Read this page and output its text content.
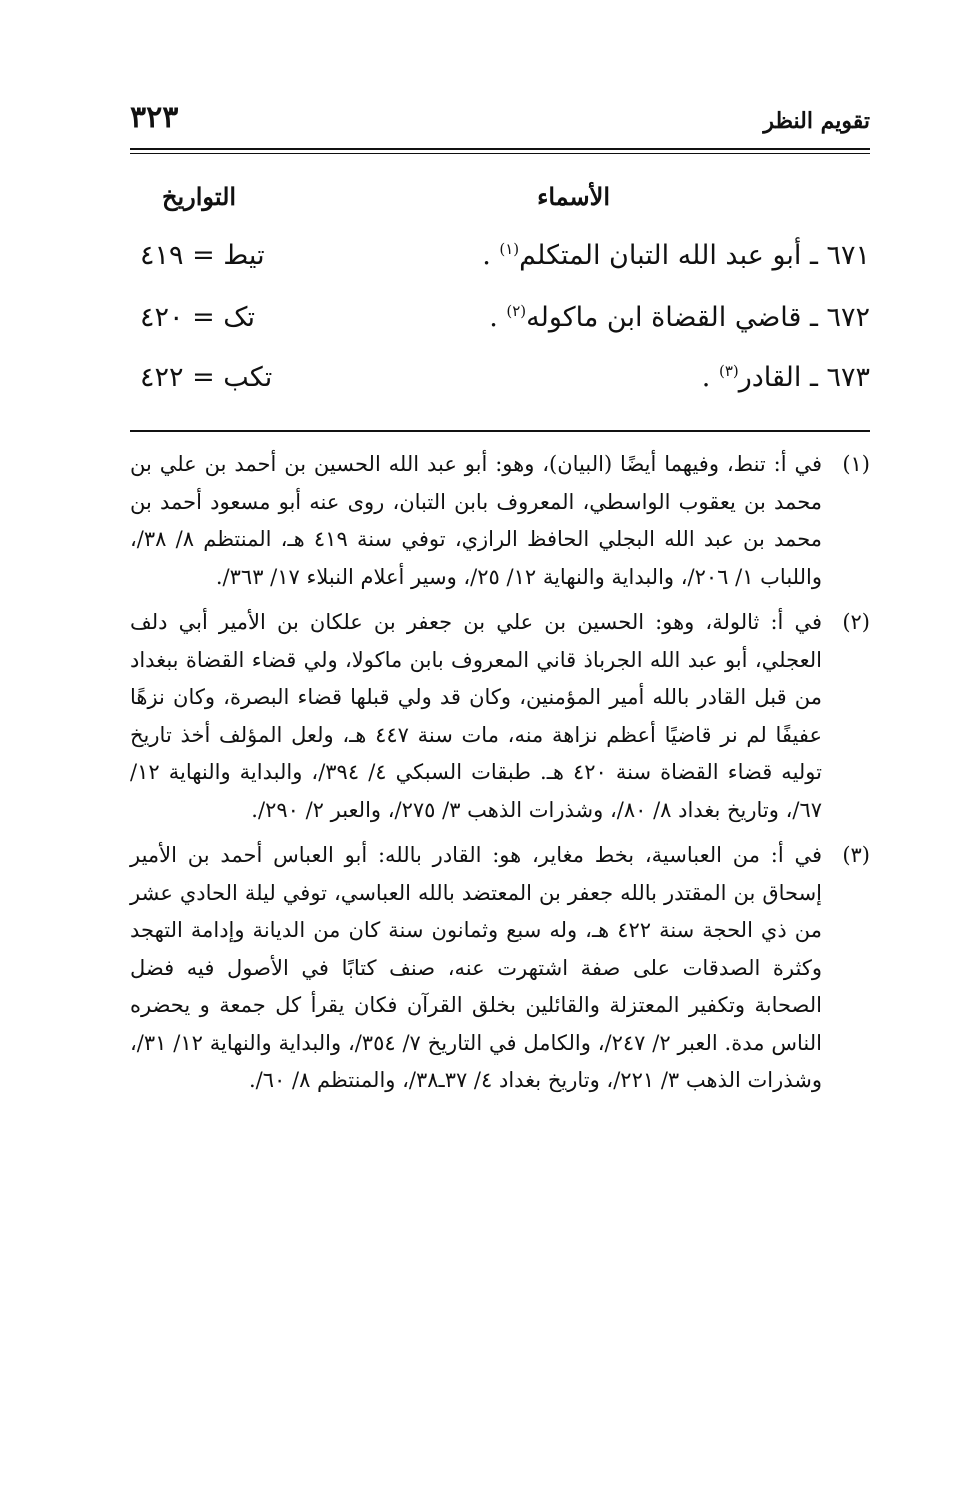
تقويم النظر
٣٢٣
الأسماء
التواريخ
٦٧١ ـ أبو عبد الله التبان المتكلم$^{(١)}$ .
تيط = ٤١٩
٦٧٢ ـ قاضي القضاة ابن ماكوله$^{(٢)}$ .
تک = ٤٢٠
٦٧٣ ـ القادر$^{(٣)}$ .
تکب = ٤٢٢
(١)
في أ: تنط، وفيهما أيضًا (البيان)، وهو: أبو عبد الله الحسين بن أحمد بن علي بن محمد بن يعقوب الواسطي، المعروف بابن التبان، روى عنه أبو مسعود أحمد بن محمد بن عبد الله البجلي الحافظ الرازي، توفي سنة ٤١٩ هـ، المنتظم ٨/ ٣٨/، واللباب ١/ ٢٠٦/، والبداية والنهاية ١٢/ ٢٥/، وسير أعلام النبلاء ١٧/ ٣٦٣/.
(٢)
في أ: ثالولة، وهو: الحسين بن علي بن جعفر بن علكان بن الأمير أبي دلف العجلي، أبو عبد الله الجرباذ قاني المعروف بابن ماكولا، ولي قضاء القضاة ببغداد من قبل القادر بالله أمير المؤمنين، وكان قد ولي قبلها قضاء البصرة، وكان نزهًا عفيفًا لم نر قاضيًا أعظم نزاهة منه، مات سنة ٤٤٧ هـ، ولعل المؤلف أخذ تاريخ توليه قضاء القضاة سنة ٤٢٠ هـ. طبقات السبكي ٤/ ٣٩٤/، والبداية والنهاية ١٢/ ٦٧/، وتاريخ بغداد ٨/ ٨٠/، وشذرات الذهب ٣/ ٢٧٥/، والعبر ٢/ ٢٩٠/.
(٣)
في أ: من العباسية، بخط مغاير، هو: القادر بالله: أبو العباس أحمد بن الأمير إسحاق بن المقتدر بالله جعفر بن المعتضد بالله العباسي، توفي ليلة الحادي عشر من ذي الحجة سنة ٤٢٢ هـ، وله سبع وثمانون سنة كان من الديانة وإدامة التهجد وكثرة الصدقات على صفة اشتهرت عنه، صنف كتابًا في الأصول فيه فضل الصحابة وتكفير المعتزلة والقائلين بخلق القرآن فكان يقرأ كل جمعة و يحضره الناس مدة. العبر ٢/ ٢٤٧/، والكامل في التاريخ ٧/ ٣٥٤/، والبداية والنهاية ١٢/ ٣١/، وشذرات الذهب ٣/ ٢٢١/، وتاريخ بغداد ٤/ ٣٧ـ٣٨/، والمنتظم ٨/ ٦٠/.
